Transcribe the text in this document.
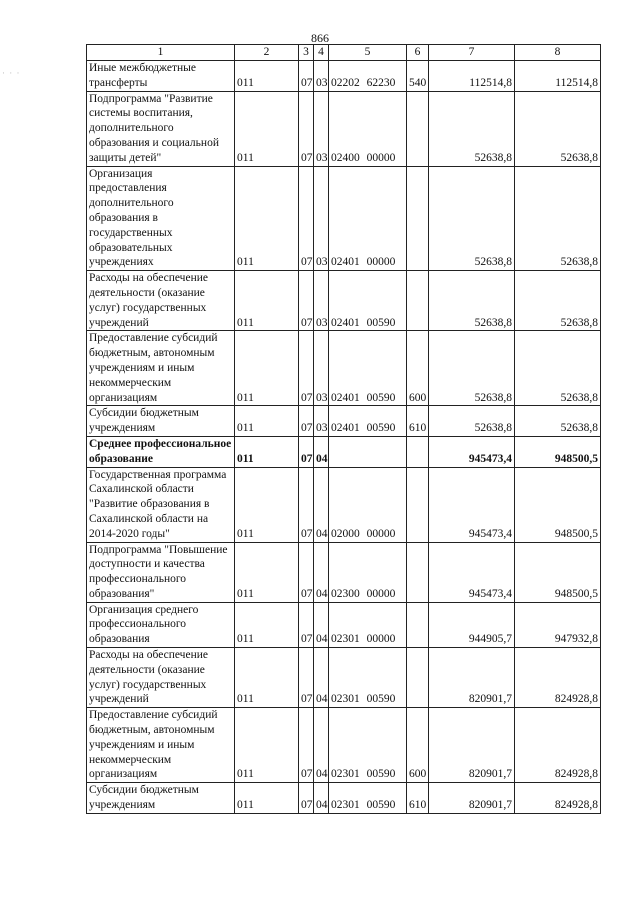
866
· · ·
1	2	3	4	5	6	7	8
Иные межбюджетные трансферты	011	07	03	02202 62230	540	112514,8	112514,8
Подпрограмма "Развитие системы воспитания, дополнительного образования и социальной защиты детей"	011	07	03	02400 00000		52638,8	52638,8
Организация предоставления дополнительного образования в государственных образовательных учреждениях	011	07	03	02401 00000		52638,8	52638,8
Расходы на обеспечение деятельности (оказание услуг) государственных учреждений	011	07	03	02401 00590		52638,8	52638,8
Предоставление субсидий бюджетным, автономным учреждениям и иным некоммерческим организациям	011	07	03	02401 00590	600	52638,8	52638,8
Субсидии бюджетным учреждениям	011	07	03	02401 00590	610	52638,8	52638,8
Среднее профессиональное образование	011	07	04			945473,4	948500,5
Государственная программа Сахалинской области "Развитие образования в Сахалинской области на 2014-2020 годы"	011	07	04	02000 00000		945473,4	948500,5
Подпрограмма "Повышение доступности и качества профессионального образования"	011	07	04	02300 00000		945473,4	948500,5
Организация среднего профессионального образования	011	07	04	02301 00000		944905,7	947932,8
Расходы на обеспечение деятельности (оказание услуг) государственных учреждений	011	07	04	02301 00590		820901,7	824928,8
Предоставление субсидий бюджетным, автономным учреждениям и иным некоммерческим организациям	011	07	04	02301 00590	600	820901,7	824928,8
Субсидии бюджетным учреждениям	011	07	04	02301 00590	610	820901,7	824928,8
